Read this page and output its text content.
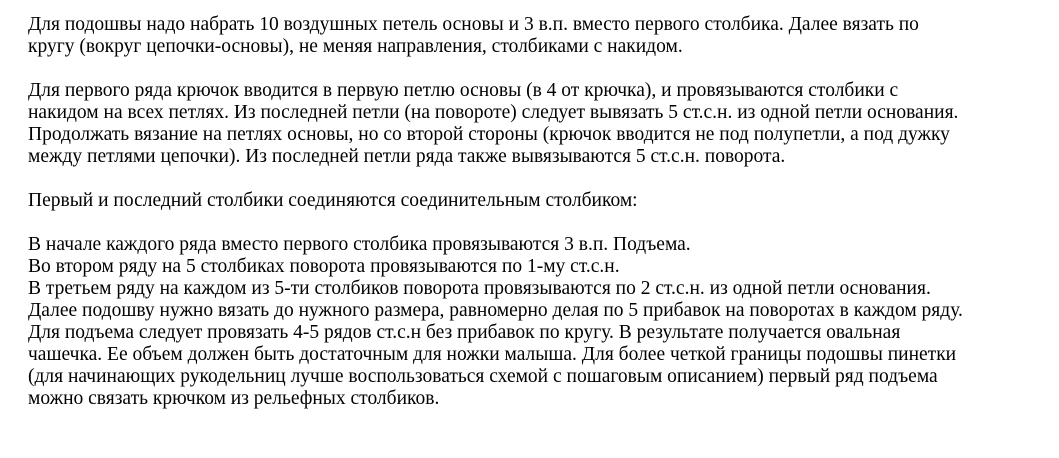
Для подошвы надо набрать 10 воздушных петель основы и 3 в.п. вместо первого столбика. Далее вязать по
кругу (вокруг цепочки-основы), не меняя направления, столбиками с накидом.
Для первого ряда крючок вводится в первую петлю основы (в 4 от крючка), и провязываются столбики с
накидом на всех петлях. Из последней петли (на повороте) следует вывязать 5 ст.с.н. из одной петли основания.
Продолжать вязание на петлях основы, но со второй стороны (крючок вводится не под полупетли, а под дужку
между петлями цепочки). Из последней петли ряда также вывязываются 5 ст.с.н. поворота.
Первый и последний столбики соединяются соединительным столбиком:
В начале каждого ряда вместо первого столбика провязываются 3 в.п. Подъема.
Во втором ряду на 5 столбиках поворота провязываются по 1-му ст.с.н.
В третьем ряду на каждом из 5-ти столбиков поворота провязываются по 2 ст.с.н. из одной петли основания.
Далее подошву нужно вязать до нужного размера, равномерно делая по 5 прибавок на поворотах в каждом ряду.
Для подъема следует провязать 4-5 рядов ст.с.н без прибавок по кругу. В результате получается овальная
чашечка. Ее объем должен быть достаточным для ножки малыша. Для более четкой границы подошвы пинетки
(для начинающих рукодельниц лучше воспользоваться схемой с пошаговым описанием) первый ряд подъема
можно связать крючком из рельефных столбиков.
